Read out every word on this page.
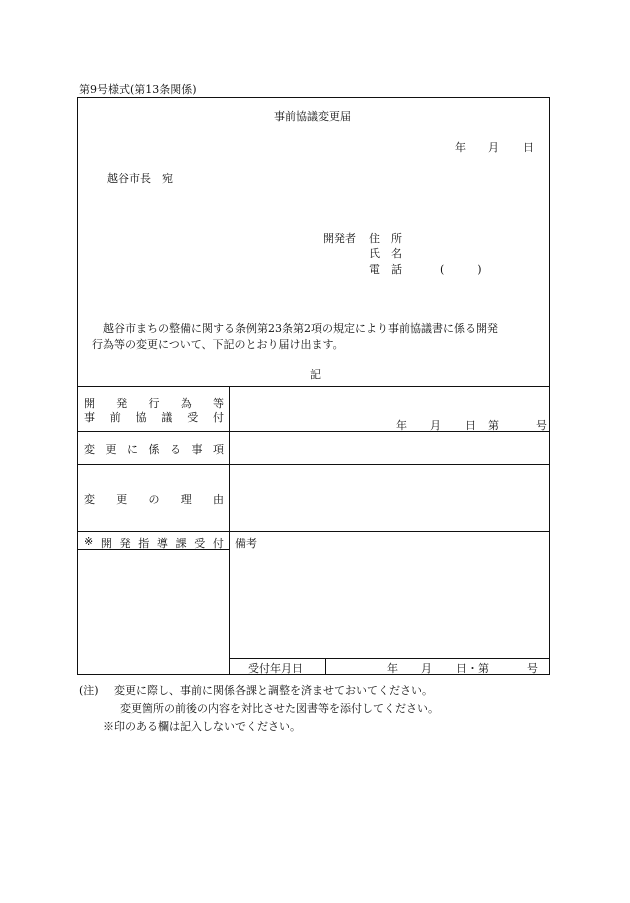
第9号様式(第13条関係)
事前協議変更届
年 月 日
越谷市長　宛
開発者 住　所
氏　名
電　話	(　　　)
越谷市まちの整備に関する条例第23条第2項の規定により事前協議書に係る開発
行為等の変更について、下記のとおり届け出ます。
記
開 発 行 為 等
事 前 協 議 受 付
年 月 日 第	号
変 更 に 係 る 事 項
変 更 の 理 由
※ 開 発 指 導 課 受 付 備考
受付年月日	年 月 日・第	号
(注) 変更に際し、事前に関係各課と調整を済ませておいてください。
変更箇所の前後の内容を対比させた図書等を添付してください。
※印のある欄は記入しないでください。
